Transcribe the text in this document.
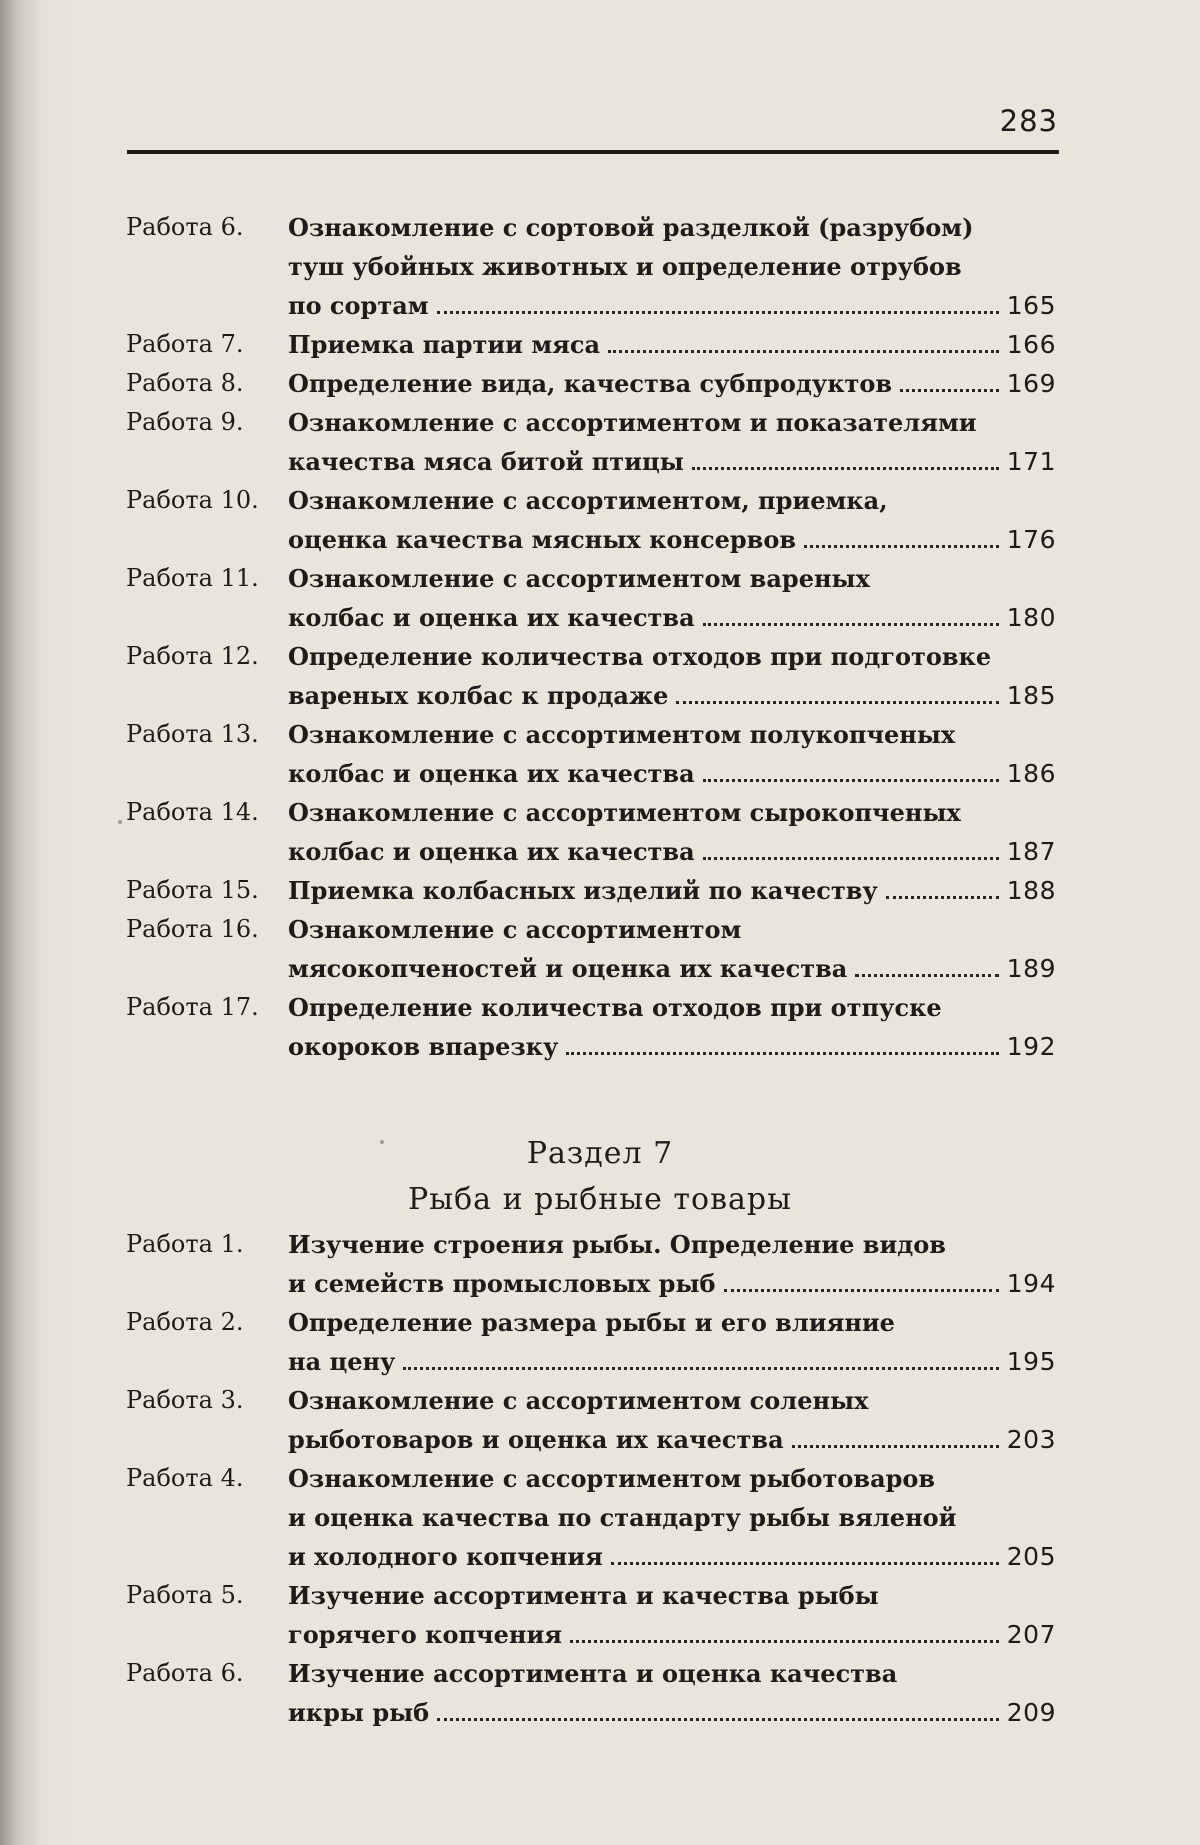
283
Работа 6.	Ознакомление с сортовой разделкой (разрубом)
туш убойных животных и определение отрубов
по сортам	165
Работа 7.	Приемка партии мяса	166
Работа 8.	Определение вида, качества субпродуктов	169
Работа 9.	Ознакомление с ассортиментом и показателями
качества мяса битой птицы	171
Работа 10.	Ознакомление с ассортиментом, приемка,
оценка качества мясных консервов	176
Работа 11.	Ознакомление с ассортиментом вареных
колбас и оценка их качества	180
Работа 12.	Определение количества отходов при подготовке
вареных колбас к продаже	185
Работа 13.	Ознакомление с ассортиментом полукопченых
колбас и оценка их качества	186
Работа 14.	Ознакомление с ассортиментом сырокопченых
колбас и оценка их качества	187
Работа 15.	Приемка колбасных изделий по качеству	188
Работа 16.	Ознакомление с ассортиментом
мясокопченостей и оценка их качества	189
Работа 17.	Определение количества отходов при отпуске
окороков впарезку	192
Раздел 7
Рыба и рыбные товары
Работа 1.	Изучение строения рыбы. Определение видов
и семейств промысловых рыб	194
Работа 2.	Определение размера рыбы и его влияние
на цену	195
Работа 3.	Ознакомление с ассортиментом соленых
рыботоваров и оценка их качества	203
Работа 4.	Ознакомление с ассортиментом рыботоваров
и оценка качества по стандарту рыбы вяленой
и холодного копчения	205
Работа 5.	Изучение ассортимента и качества рыбы
горячего копчения	207
Работа 6.	Изучение ассортимента и оценка качества
икры рыб	209
